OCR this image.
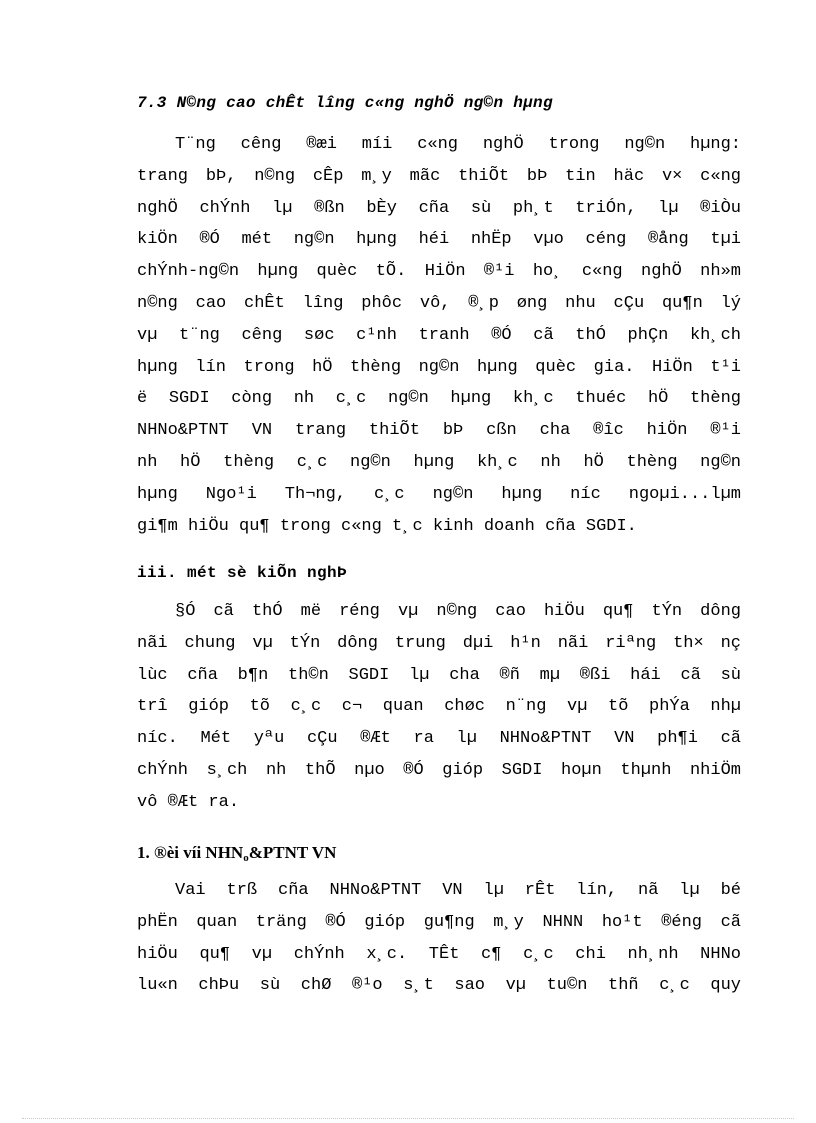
7.3 N©ng cao chÊt lîng c«ng nghÖ ng©n hµng
T¨ng cêng ®æi míi c«ng nghÖ trong ng©n hµng:
trang bÞ, n©ng cÊp m¸y mãc thiÕt bÞ tin häc v× c«ng
nghÖ chÝnh lµ ®ßn bÈy cña sù ph¸t triÓn, lµ ®iÒu
kiÖn ®Ó mét ng©n hµng héi nhËp vµo céng ®ång tµi
chÝnh-ng©n hµng quèc tÕ. HiÖn ®¹i ho¸ c«ng nghÖ nh»m
n©ng cao chÊt lîng phôc vô, ®¸p øng nhu cÇu qu¶n lý
vµ t¨ng cêng søc c¹nh tranh ®Ó cã thÓ phÇn kh¸ch
hµng lín trong hÖ thèng ng©n hµng quèc gia. HiÖn t¹i
ë SGDI còng nh c¸c ng©n hµng kh¸c thuéc hÖ thèng
NHNo&PTNT VN trang thiÕt bÞ cßn cha ®îc hiÖn ®¹i
nh hÖ thèng c¸c ng©n hµng kh¸c nh hÖ thèng ng©n
hµng Ngo¹i Th¬ng, c¸c ng©n hµng níc ngoµi...lµm
gi¶m hiÖu qu¶ trong c«ng t¸c kinh doanh cña SGDI.
iii. mét sè kiÕn nghÞ
§Ó cã thÓ më réng vµ n©ng cao hiÖu qu¶ tÝn dông
nãi chung vµ tÝn dông trung dµi h¹n nãi riªng th× nç
lùc cña b¶n th©n SGDI lµ cha ®ñ mµ ®ßi hái cã sù
trî gióp tõ c¸c c¬ quan chøc n¨ng vµ tõ phÝa nhµ
níc. Mét yªu cÇu ®Æt ra lµ NHNo&PTNT VN ph¶i cã
chÝnh s¸ch nh thÕ nµo ®Ó gióp SGDI hoµn thµnh nhiÖm
vô ®Æt ra.
1. ®èi víi $NHN_o\&PTNT$ VN
Vai trß cña NHNo&PTNT VN lµ rÊt lín, nã lµ bé
phËn quan träng ®Ó gióp gu¶ng m¸y NHNN ho¹t ®éng cã
hiÖu qu¶ vµ chÝnh x¸c. TÊt c¶ c¸c chi nh¸nh NHNo
lu«n chÞu sù chØ ®¹o s¸t sao vµ tu©n thñ c¸c quy
